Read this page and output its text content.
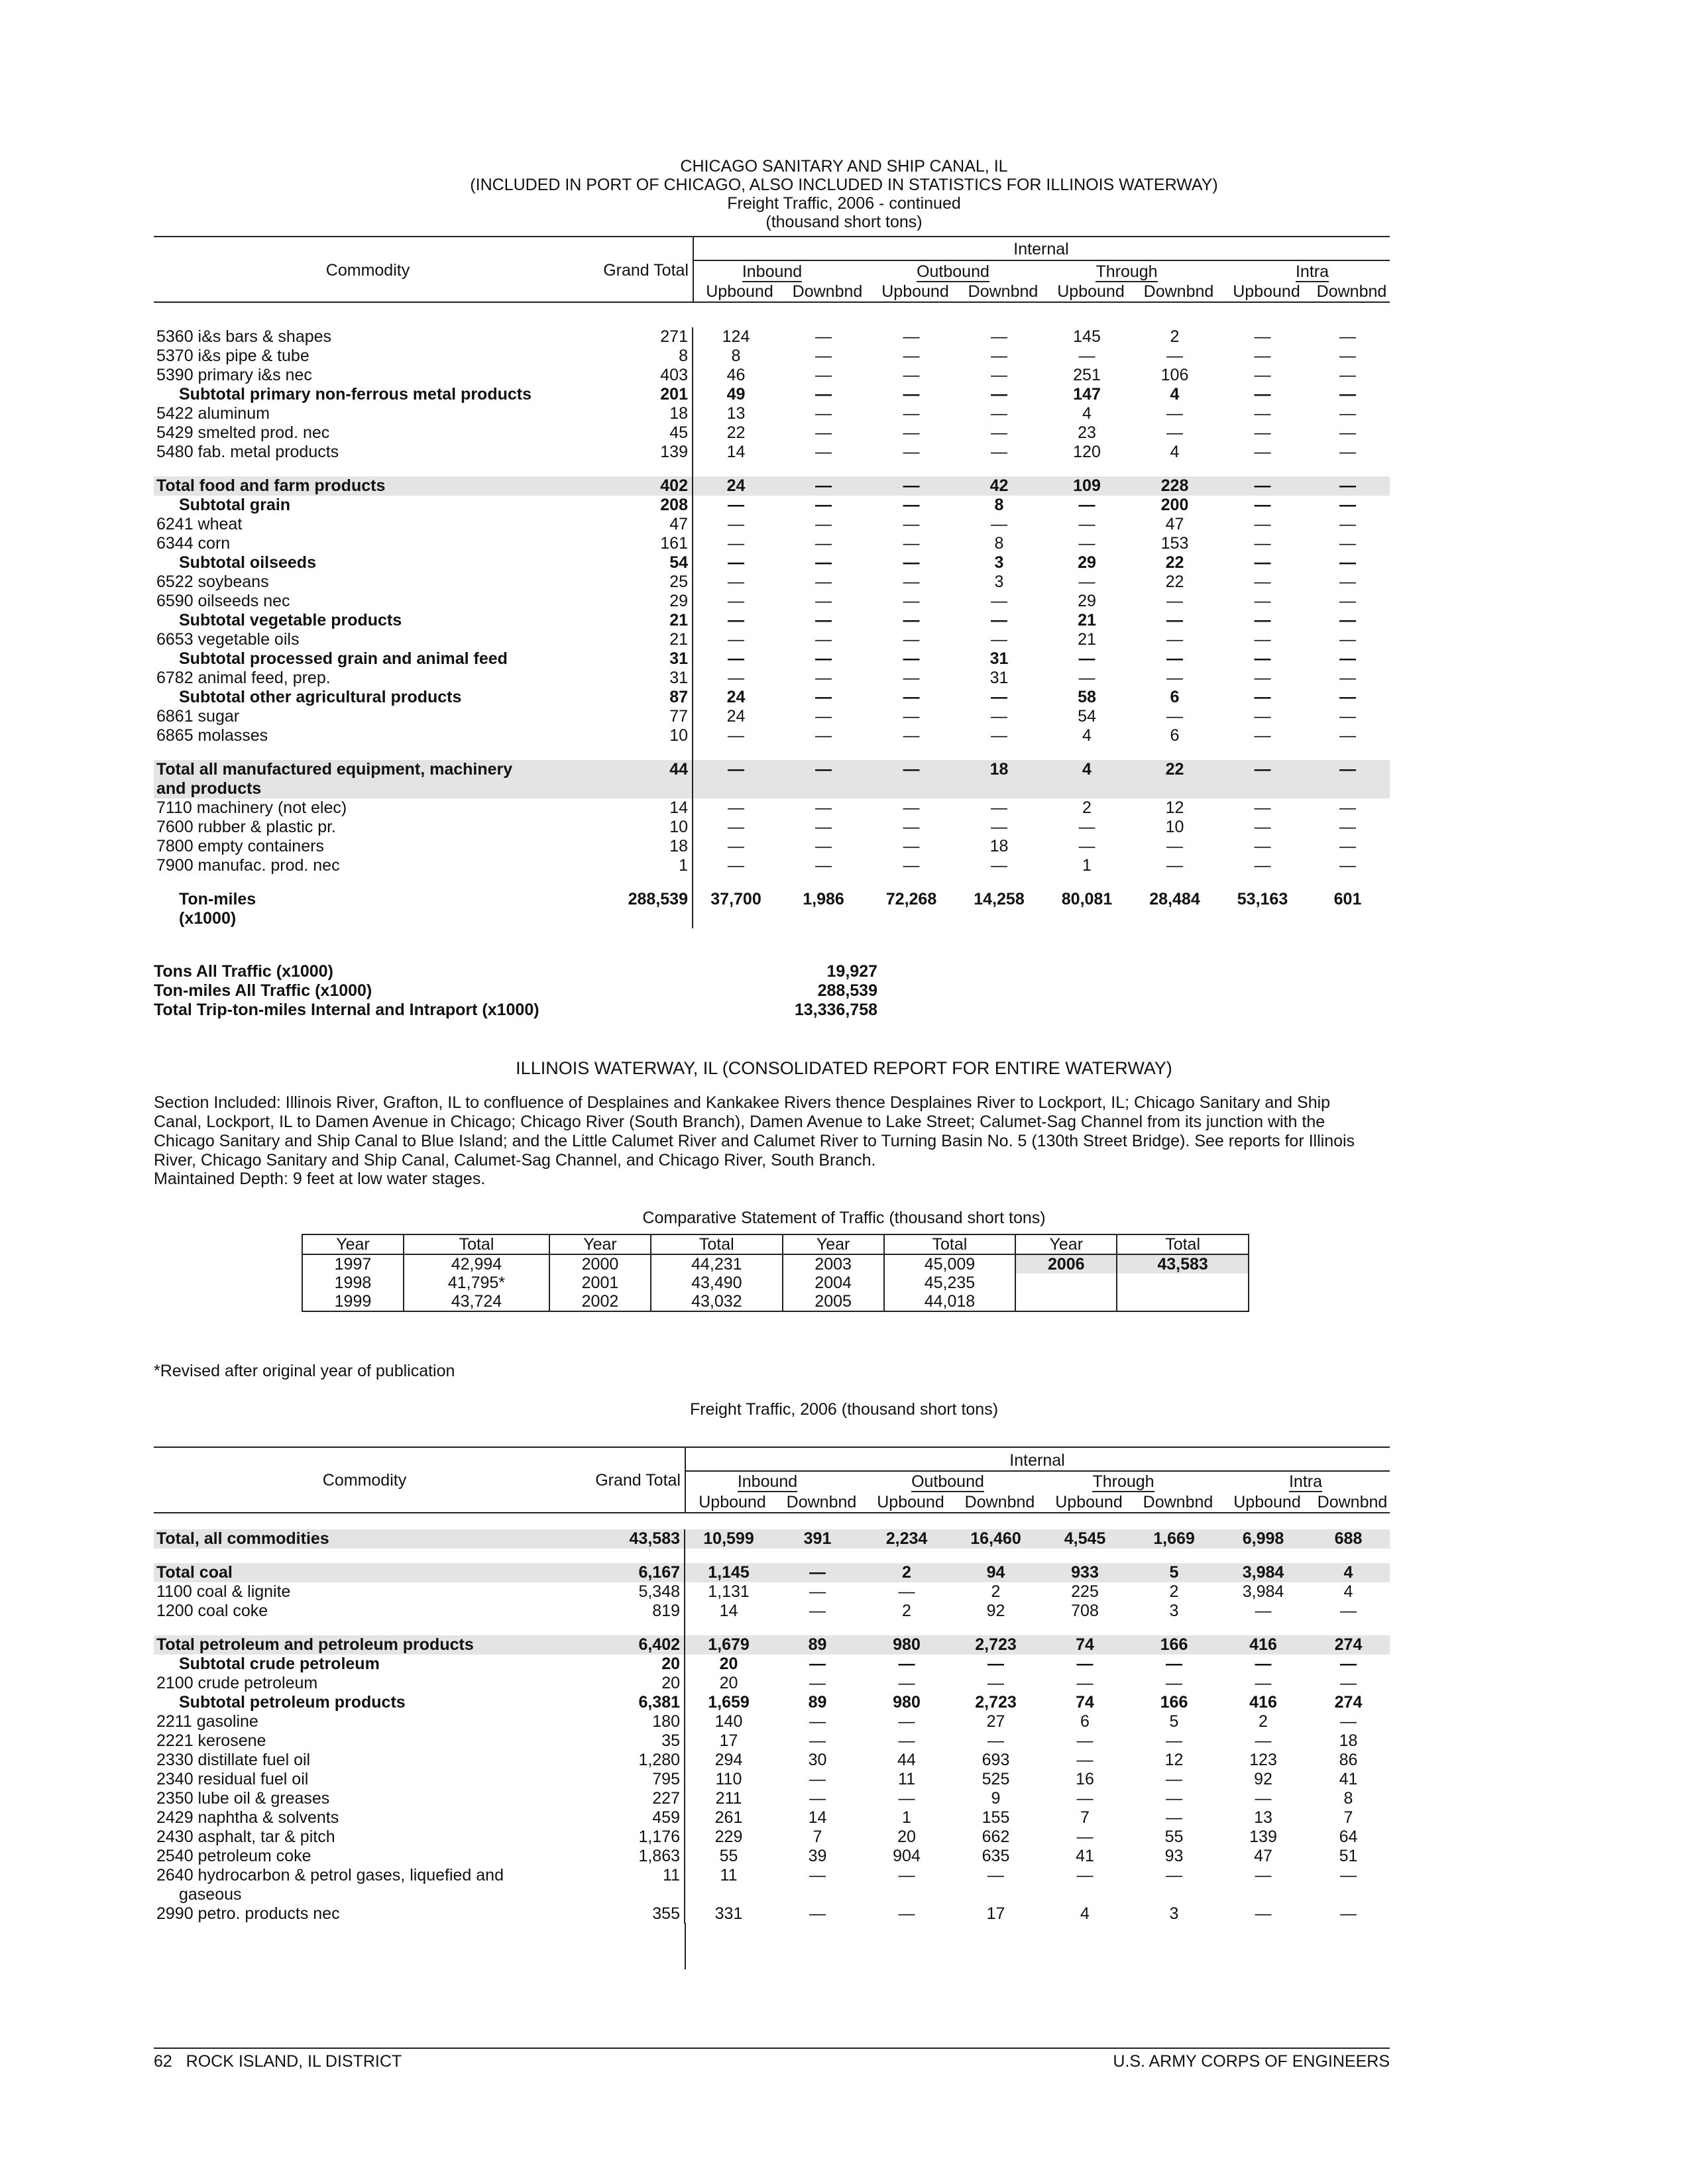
CHICAGO SANITARY AND SHIP CANAL, IL
(INCLUDED IN PORT OF CHICAGO, ALSO INCLUDED IN STATISTICS FOR ILLINOIS WATERWAY)
Freight Traffic, 2006 - continued
(thousand short tons)
Internal
Commodity	Grand Total	Inbound	Outbound	Through	Intra
Upbound	Downbnd	Upbound	Downbnd	Upbound	Downbnd	Upbound Downbnd
5360 i&s bars & shapes	271	124	—	—	—	145	2	—	—
5370 i&s pipe & tube	8	8	—	—	—	—	—	—	—
5390 primary i&s nec	403	46	—	—	—	251	106	—	—
Subtotal primary non-ferrous metal products	201	49	—	—	—	147	4	—	—
5422 aluminum	18	13	—	—	—	4	—	—	—
5429 smelted prod. nec	45	22	—	—	—	23	—	—	—
5480 fab. metal products	139	14	—	—	—	120	4	—	—

Total food and farm products	402	24	—	—	42	109	228	—	—
Subtotal grain	208	—	—	—	8	—	200	—	—
6241 wheat	47	—	—	—	—	—	47	—	—
6344 corn	161	—	—	—	8	—	153	—	—
Subtotal oilseeds	54	—	—	—	3	29	22	—	—
6522 soybeans	25	—	—	—	3	—	22	—	—
6590 oilseeds nec	29	—	—	—	—	29	—	—	—
Subtotal vegetable products	21	—	—	—	—	21	—	—	—
6653 vegetable oils	21	—	—	—	—	21	—	—	—
Subtotal processed grain and animal feed	31	—	—	—	31	—	—	—	—
6782 animal feed, prep.	31	—	—	—	31	—	—	—	—
Subtotal other agricultural products	87	24	—	—	—	58	6	—	—
6861 sugar	77	24	—	—	—	54	—	—	—
6865 molasses	10	—	—	—	—	4	6	—	—

Total all manufactured equipment, machinery	44	—	—	—	18	4	22	—	—
and products									
7110 machinery (not elec)	14	—	—	—	—	2	12	—	—
7600 rubber & plastic pr.	10	—	—	—	—	—	10	—	—
7800 empty containers	18	—	—	—	18	—	—	—	—
7900 manufac. prod. nec	1	—	—	—	—	1	—	—	—

Ton-miles	288,539	37,700	1,986	72,268	14,258	80,081	28,484	53,163	601
(x1000)									
Tons All Traffic (x1000)	19,927
Ton-miles All Traffic (x1000)	288,539
Total Trip-ton-miles Internal and Intraport (x1000)	13,336,758
ILLINOIS WATERWAY, IL (CONSOLIDATED REPORT FOR ENTIRE WATERWAY)
Section Included: Illinois River, Grafton, IL to confluence of Desplaines and Kankakee Rivers thence Desplaines River to Lockport, IL; Chicago Sanitary and Ship Canal, Lockport, IL to Damen Avenue in Chicago; Chicago River (South Branch), Damen Avenue to Lake Street; Calumet-Sag Channel from its junction with the Chicago Sanitary and Ship Canal to Blue Island; and the Little Calumet River and Calumet River to Turning Basin No. 5 (130th Street Bridge). See reports for Illinois River, Chicago Sanitary and Ship Canal, Calumet-Sag Channel, and Chicago River, South Branch.
Maintained Depth: 9 feet at low water stages.
Comparative Statement of Traffic (thousand short tons)
Year	Total	Year	Total	Year	Total	Year	Total
1997	42,994	2000	44,231	2003	45,009	2006	43,583
1998	41,795*	2001	43,490	2004	45,235		
1999	43,724	2002	43,032	2005	44,018		
*Revised after original year of publication
Freight Traffic, 2006 (thousand short tons)
Internal
Commodity	Grand Total	Inbound	Outbound	Through	Intra
Upbound	Downbnd	Upbound	Downbnd	Upbound	Downbnd	Upbound Downbnd
Total, all commodities	43,583	10,599	391	2,234	16,460	4,545	1,669	6,998	688

Total coal	6,167	1,145	—	2	94	933	5	3,984	4
1100 coal & lignite	5,348	1,131	—	—	2	225	2	3,984	4
1200 coal coke	819	14	—	2	92	708	3	—	—

Total petroleum and petroleum products	6,402	1,679	89	980	2,723	74	166	416	274
Subtotal crude petroleum	20	20	—	—	—	—	—	—	—
2100 crude petroleum	20	20	—	—	—	—	—	—	—
Subtotal petroleum products	6,381	1,659	89	980	2,723	74	166	416	274
2211 gasoline	180	140	—	—	27	6	5	2	—
2221 kerosene	35	17	—	—	—	—	—	—	18
2330 distillate fuel oil	1,280	294	30	44	693	—	12	123	86
2340 residual fuel oil	795	110	—	11	525	16	—	92	41
2350 lube oil & greases	227	211	—	—	9	—	—	—	8
2429 naphtha & solvents	459	261	14	1	155	7	—	13	7
2430 asphalt, tar & pitch	1,176	229	7	20	662	—	55	139	64
2540 petroleum coke	1,863	55	39	904	635	41	93	47	51
2640 hydrocarbon & petrol gases, liquefied and	11	11	—	—	—	—	—	—	—
gaseous									
2990 petro. products nec	355	331	—	—	17	4	3	—	—
62   ROCK ISLAND, IL DISTRICT	U.S. ARMY CORPS OF ENGINEERS
